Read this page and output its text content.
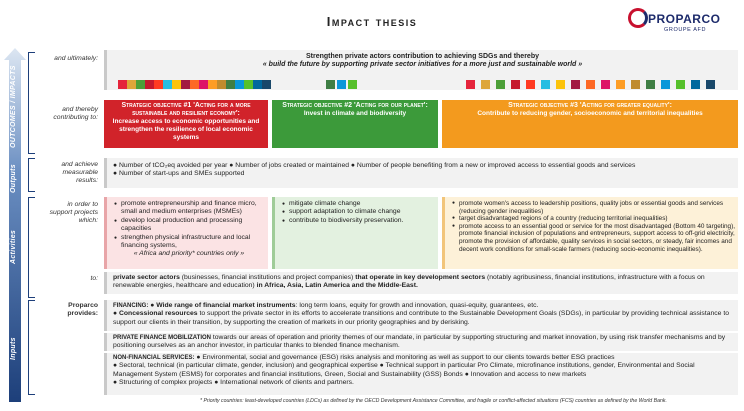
Impact thesis	PROPARCO
GROUPE AFD
OUTCOMES / IMPACTS
Outputs
Activities
Inputs
and ultimately:
and thereby contributing to:
and achieve measurable results:
in order to support projects which:
to:
Proparco provides:
Strengthen private actors contribution to achieving SDGs and thereby
« build the future by supporting private sector initiatives for a more just and sustainable world »
Strategic objective #1 'Acting for a more sustainable and resilient economy':
Increase access to economic opportunities and strengthen the resilience of local economic systems
Strategic objective #2 'Acting for our planet':
Invest in climate and biodiversity
Strategic objective #3 'Acting for greater equality':
Contribute to reducing gender, socioeconomic and territorial inequalities
● Number of tCO₂eq avoided per year ● Number of jobs created or maintained ● Number of people benefiting from a new or improved access to essential goods and services
● Number of start-ups and SMEs supported
● promote entrepreneurship and finance micro, small and medium enterprises (MSMEs)
● develop local production and processing capacities
● strengthen physical infrastructure and local financing systems,
« Africa and priority* countries only »
● mitigate climate change
● support adaptation to climate change
● contribute to biodiversity preservation.
● promote women's access to leadership positions, quality jobs or essential goods and services (reducing gender inequalities)
● target disadvantaged regions of a country (reducing territorial inequalities)
● promote access to an essential good or service for the most disadvantaged (Bottom 40 targeting), promote financial inclusion of populations and entrepreneurs, support access to off-grid electricity, promote the provision of affordable, quality services in social sectors, or steady, fair incomes and decent work conditions for small-scale farmers (reducing socio-economic inequalities).
private sector actors (businesses, financial institutions and project companies) that operate in key development sectors (notably agribusiness, financial institutions, infrastructure with a focus on renewable energies, healthcare and education) in Africa, Asia, Latin America and the Middle-East.
FINANCING: ● Wide range of financial market instruments: long term loans, equity for growth and innovation, quasi-equity, guarantees, etc.
● Concessional resources to support the private sector in its efforts to accelerate transitions and contribute to the Sustainable Development Goals (SDGs), in particular by providing technical assistance to support our clients in their transition, by supporting the creation of markets in our priority geographies and by derisking.
PRIVATE FINANCE MOBILIZATION towards our areas of operation and priority themes of our mandate, in particular by supporting structuring and market innovation, by using risk transfer mechanisms and by positioning ourselves as an anchor investor, in particular thanks to blended finance mechanism.
NON-FINANCIAL SERVICES: ● Environmental, social and governance (ESG) risks analysis and monitoring as well as support to our clients towards better ESG practices
● Sectoral, technical (in particular climate, gender, inclusion) and geographical expertise ● Technical support in particular Pro Climate, microfinance institutions, gender, Environmental and Social Management System (ESMS) for corporates and financial institutions, Green, Social and Sustainability (GSS) Bonds ● Innovation and access to new markets
● Structuring of complex projects ● International network of clients and partners.
* Priority countries: least-developed countries (LDCs) as defined by the OECD Development Assistance Committee, and fragile or conflict-affected situations (FCS) countries as defined by the World Bank.
